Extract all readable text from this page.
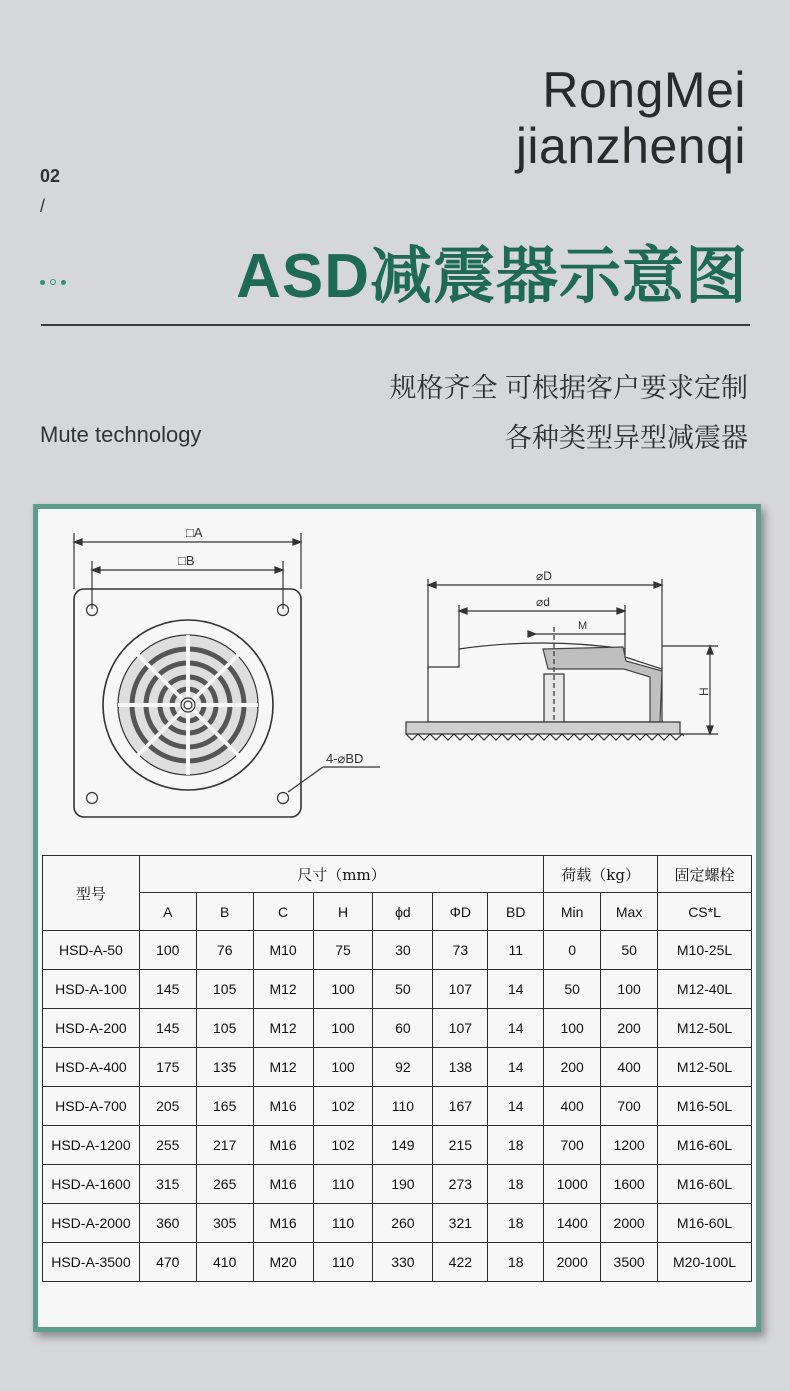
RongMei
jianzhenqi
02
/
ASD减震器示意图
规格齐全 可根据客户要求定制
Mute technology	各种类型异型减震器
□A
□B
4-⌀BD
⌀D
⌀d
M
H
型号	尺寸（mm）							荷载（kg）		固定螺栓
	A	B	C	H	ϕd	ΦD	BD	Min	Max	CS*L
HSD-A-50	100	76	M10	75	30	73	11	0	50	M10-25L
HSD-A-100	145	105	M12	100	50	107	14	50	100	M12-40L
HSD-A-200	145	105	M12	100	60	107	14	100	200	M12-50L
HSD-A-400	175	135	M12	100	92	138	14	200	400	M12-50L
HSD-A-700	205	165	M16	102	110	167	14	400	700	M16-50L
HSD-A-1200	255	217	M16	102	149	215	18	700	1200	M16-60L
HSD-A-1600	315	265	M16	110	190	273	18	1000	1600	M16-60L
HSD-A-2000	360	305	M16	110	260	321	18	1400	2000	M16-60L
HSD-A-3500	470	410	M20	110	330	422	18	2000	3500	M20-100L
